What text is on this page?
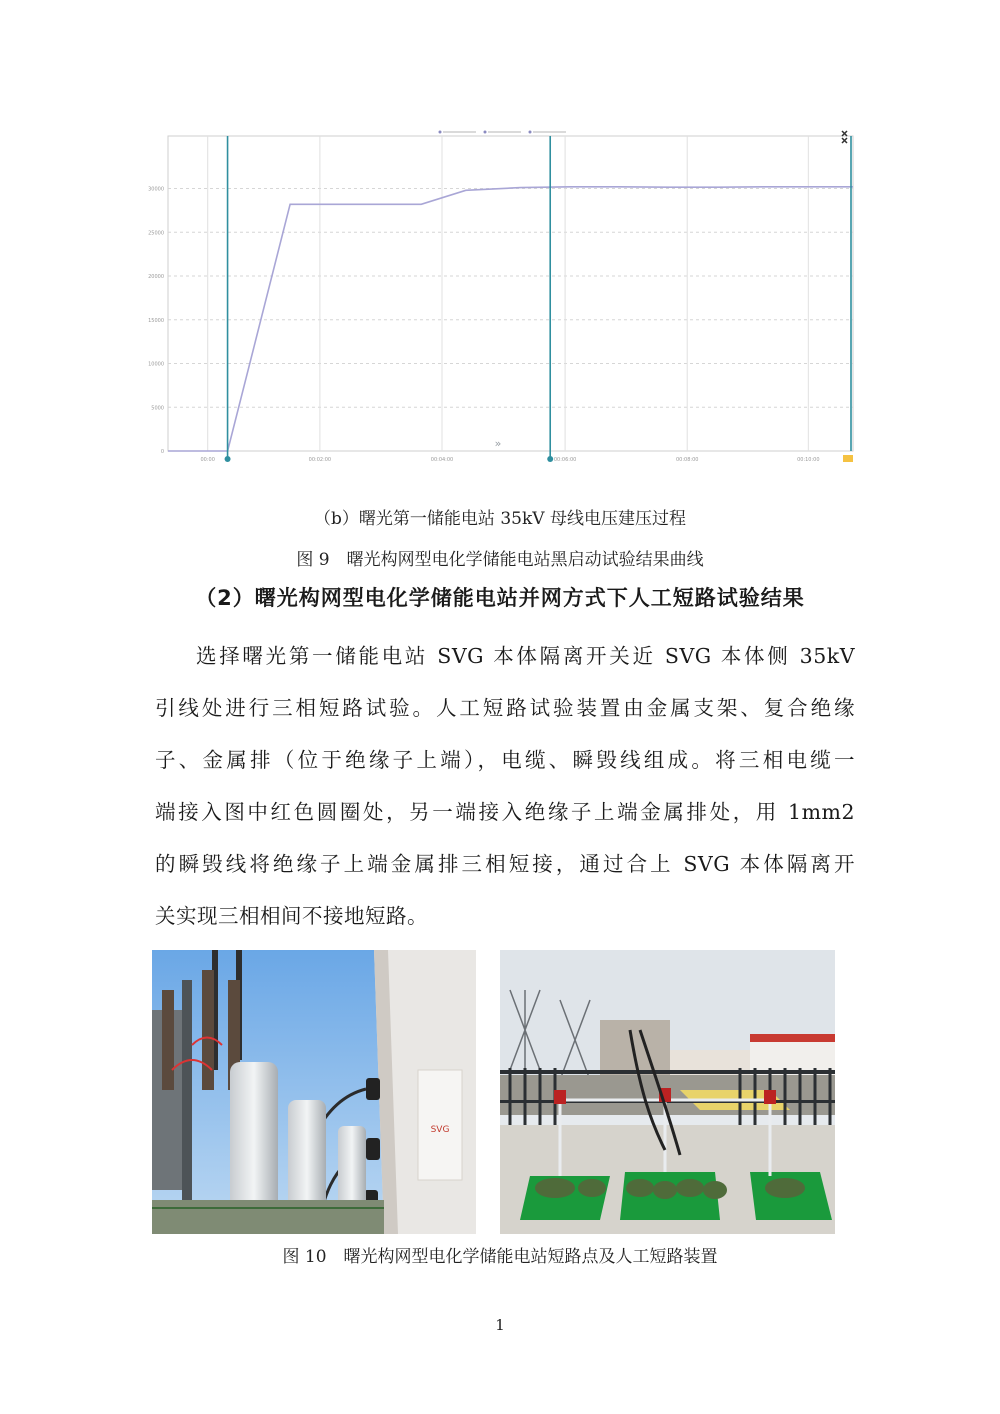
0
5000
10000
15000
20000
25000
30000
00:00	00:02:00	00:04:00	00:06:00	00:08:00	00:10:00
»
（b）曙光第一储能电站 35kV 母线电压建压过程
图 9　曙光构网型电化学储能电站黑启动试验结果曲线
（2）曙光构网型电化学储能电站并网方式下人工短路试验结果
选择曙光第一储能电站 SVG 本体隔离开关近 SVG 本体侧 35kV
引线处进行三相短路试验。人工短路试验装置由金属支架、复合绝缘
子、金属排（位于绝缘子上端），电缆、瞬毁线组成。将三相电缆一
端接入图中红色圆圈处，另一端接入绝缘子上端金属排处，用 1mm2
的瞬毁线将绝缘子上端金属排三相短接，通过合上 SVG 本体隔离开
关实现三相相间不接地短路。
SVG
图 10　曙光构网型电化学储能电站短路点及人工短路装置
1
